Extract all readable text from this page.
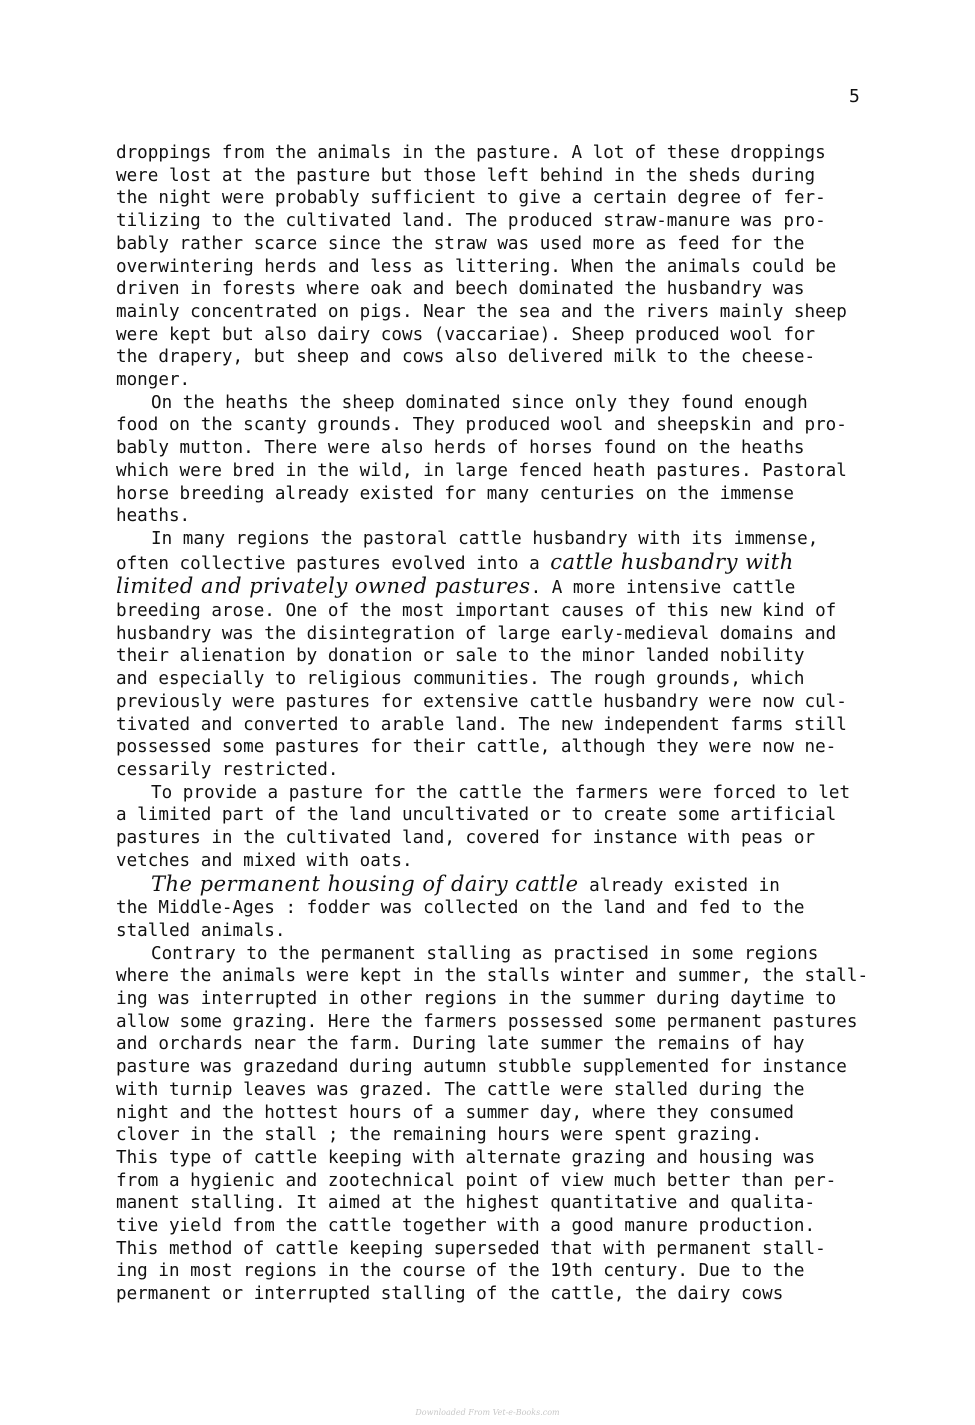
5

droppings from the animals in the pasture. A lot of these droppings

were lost at the pasture but those left behind in the sheds during

the night were probably sufficient to give a certain degree of fer-

tilizing to the cultivated land. The produced straw-manure was pro-

bably rather scarce since the straw was used more as feed for the

overwintering herds and less as littering. When the animals could be

driven in forests where oak and beech dominated the husbandry was

mainly concentrated on pigs. Near the sea and the rivers mainly sheep

were kept but also dairy cows (vaccariae). Sheep produced wool for

the drapery, but sheep and cows also delivered milk to the cheese-

monger.

On the heaths the sheep dominated since only they found enough

food on the scanty grounds. They produced wool and sheepskin and pro-

bably mutton. There were also herds of horses found on the heaths

which were bred in the wild, in large fenced heath pastures. Pastoral

horse breeding already existed for many centuries on the immense

heaths.

In many regions the pastoral cattle husbandry with its immense,

often collective pastures evolved into a cattle husbandry with

limited and privately owned pastures. A more intensive cattle

breeding arose. One of the most important causes of this new kind of

husbandry was the disintegration of large early-medieval domains and

their alienation by donation or sale to the minor landed nobility

and especially to religious communities. The rough grounds, which

previously were pastures for extensive cattle husbandry were now cul-

tivated and converted to arable land. The new independent farms still

possessed some pastures for their cattle, although they were now ne-

cessarily restricted.

To provide a pasture for the cattle the farmers were forced to let

a limited part of the land uncultivated or to create some artificial

pastures in the cultivated land, covered for instance with peas or

vetches and mixed with oats.

The permanent housing of dairy cattle already existed in

the Middle-Ages : fodder was collected on the land and fed to the

stalled animals.

Contrary to the permanent stalling as practised in some regions

where the animals were kept in the stalls winter and summer, the stall-

ing was interrupted in other regions in the summer during daytime to

allow some grazing. Here the farmers possessed some permanent pastures

and orchards near the farm. During late summer the remains of hay

pasture was grazedand during autumn stubble supplemented for instance

with turnip leaves was grazed. The cattle were stalled during the

night and the hottest hours of a summer day, where they consumed

clover in the stall ; the remaining hours were spent grazing.

This type of cattle keeping with alternate grazing and housing was

from a hygienic and zootechnical point of view much better than per-

manent stalling. It aimed at the highest quantitative and qualita-

tive yield from the cattle together with a good manure production.

This method of cattle keeping superseded that with permanent stall-

ing in most regions in the course of the 19th century. Due to the

permanent or interrupted stalling of the cattle, the dairy cows

Downloaded From Vet-e-Books.com
